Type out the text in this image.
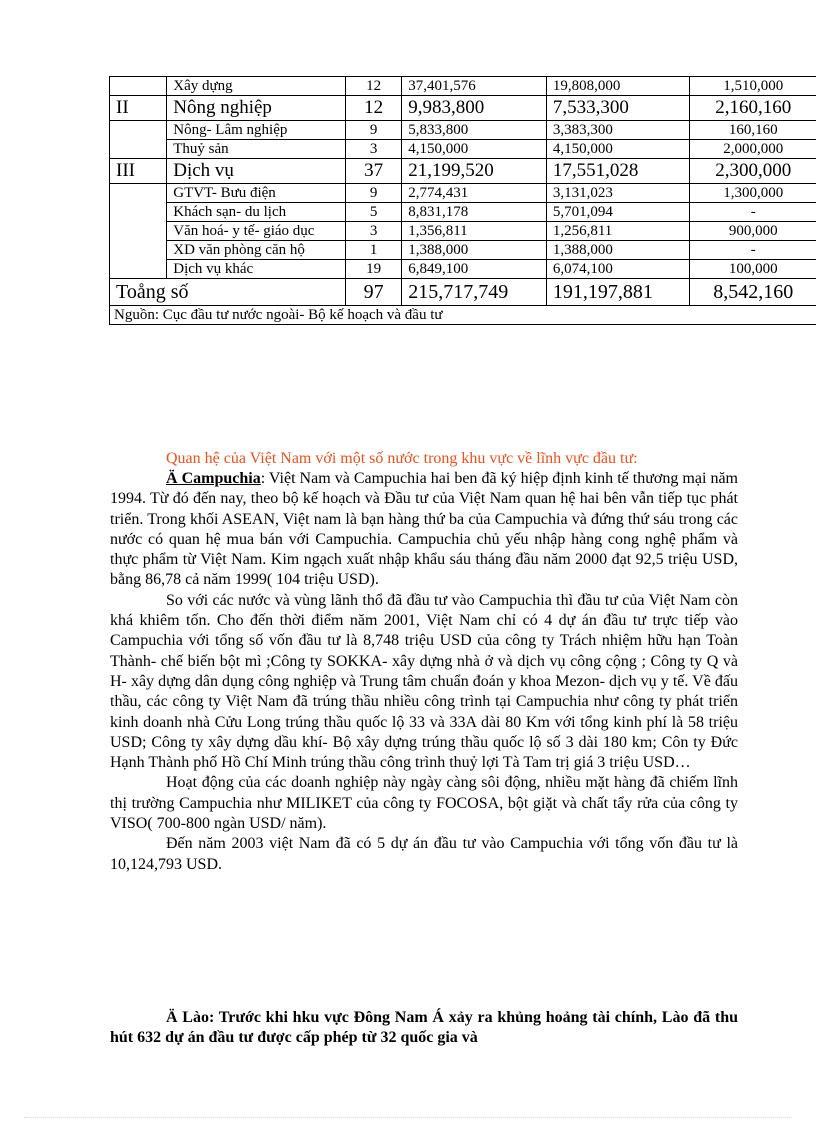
	Xây dựng	12	37,401,576	19,808,000	1,510,000
II	Nông nghiệp	12	9,983,800	7,533,300	2,160,160
	Nông- Lâm nghiệp	9	5,833,800	3,383,300	160,160
	Thuỷ sản	3	4,150,000	4,150,000	2,000,000
III	Dịch vụ	37	21,199,520	17,551,028	2,300,000
	GTVT- Bưu điện	9	2,774,431	3,131,023	1,300,000
	Khách sạn- du lịch	5	8,831,178	5,701,094	-
	Văn hoá- y tế- giáo dục	3	1,356,811	1,256,811	900,000
	XD văn phòng căn hộ	1	1,388,000	1,388,000	-
	Dịch vụ khác	19	6,849,100	6,074,100	100,000
Toång số		97	215,717,749	191,197,881	8,542,160
Nguồn: Cục đầu tư nước ngoài- Bộ kế hoạch và đầu tư					
Quan hệ của Việt Nam với một số nước trong khu vực về lĩnh vực đầu tư:

Ä Campuchia: Việt Nam và Campuchia hai ben đã ký hiệp định kinh tế thương mại năm 1994. Từ đó đến nay, theo bộ kế hoạch và Đầu tư của Việt Nam quan hệ hai bên vẫn tiếp tục phát triển. Trong khối ASEAN, Việt nam là bạn hàng thứ ba của Campuchia và đứng thứ sáu trong các nước có quan hệ mua bán với Campuchia. Campuchia chủ yếu nhập hàng cong nghệ phẩm và thực phẩm từ Việt Nam. Kim ngạch xuất nhập khẩu sáu tháng đầu năm 2000 đạt 92,5 triệu USD, bằng 86,78 cả năm 1999( 104 triệu USD).

So với các nước và vùng lãnh thổ đã đầu tư vào Campuchia thì đầu tư của Việt Nam còn khá khiêm tốn. Cho đến thời điểm năm 2001, Việt Nam chỉ có 4 dự án đầu tư trực tiếp vào Campuchia với tổng số vốn đầu tư là 8,748 triệu USD của công ty Trách nhiệm hữu hạn Toàn Thành- chế biến bột mì ;Công ty SOKKA- xây dựng nhà ở và dịch vụ công cộng ; Công ty Q và H- xây dựng dân dụng công nghiệp và Trung tâm chuẩn đoán y khoa Mezon- dịch vụ y tế. Về đấu thầu, các công ty Việt Nam đã trúng thầu nhiều công trình tại Campuchia như công ty phát triển kinh doanh nhà Cửu Long trúng thầu quốc lộ 33 và 33A dài 80 Km với tổng kinh phí là 58 triệu USD; Công ty xây dựng dầu khí- Bộ xây dựng trúng thầu quốc lộ số 3 dài 180 km; Côn ty Đức Hạnh Thành phố Hồ Chí Minh trúng thầu công trình thuỷ lợi Tà Tam trị giá 3 triệu USD…

Hoạt động của các doanh nghiệp này ngày càng sôi động, nhiều mặt hàng đã chiếm lĩnh thị trường Campuchia như MILIKET của công ty FOCOSA, bột giặt và chất tẩy rửa của công ty VISO( 700-800 ngàn USD/ năm).

Đến năm 2003 việt Nam đã có 5 dự án đầu tư vào Campuchia với tổng vốn đầu tư là 10,124,793 USD.

Ä Lào: Trước khi hku vực Đông Nam Á xảy ra khủng hoảng tài chính, Lào đã thu hút 632 dự án đầu tư được cấp phép từ 32 quốc gia và
